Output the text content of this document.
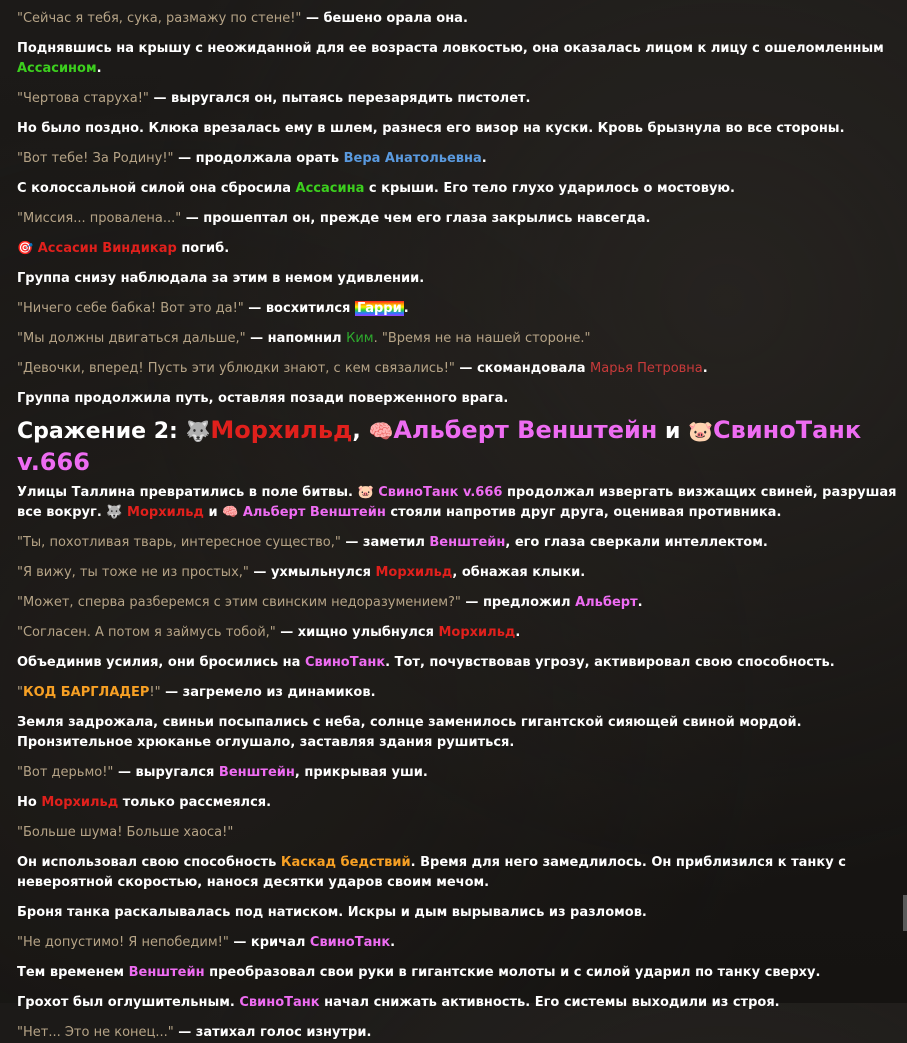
"Сейчас я тебя, сука, размажу по стене!" — бешено орала она.

Поднявшись на крышу с неожиданной для ее возраста ловкостью, она оказалась лицом к лицу с ошеломленным Ассасином.

"Чертова старуха!" — выругался он, пытаясь перезарядить пистолет.

Но было поздно. Клюка врезалась ему в шлем, разнеся его визор на куски. Кровь брызнула во все стороны.

"Вот тебе! За Родину!" — продолжала орать Вера Анатольевна.

С колоссальной силой она сбросила Ассасина с крыши. Его тело глухо ударилось о мостовую.

"Миссия... провалена..." — прошептал он, прежде чем его глаза закрылись навсегда.

🎯 Ассасин Виндикар погиб.

Группа снизу наблюдала за этим в немом удивлении.

"Ничего себе бабка! Вот это да!" — восхитился Гарри .

"Мы должны двигаться дальше," — напомнил Ким. "Время не на нашей стороне."

"Девочки, вперед! Пусть эти ублюдки знают, с кем связались!" — скомандовала Марья Петровна.

Группа продолжила путь, оставляя позади поверженного врага.

Сражение 2: 🐺Морхильд, 🧠Альберт Венштейн и 🐷СвиноТанк v.666

Улицы Таллина превратились в поле битвы. 🐷 СвиноТанк v.666 продолжал извергать визжащих свиней, разрушая все вокруг. 🐺 Морхильд и 🧠 Альберт Венштейн стояли напротив друг друга, оценивая противника.

"Ты, похотливая тварь, интересное существо," — заметил Венштейн, его глаза сверкали интеллектом.

"Я вижу, ты тоже не из простых," — ухмыльнулся Морхильд, обнажая клыки.

"Может, сперва разберемся с этим свинским недоразумением?" — предложил Альберт.

"Согласен. А потом я займусь тобой," — хищно улыбнулся Морхильд.

Объединив усилия, они бросились на СвиноТанк. Тот, почувствовав угрозу, активировал свою способность.

"КОД БАРГЛАДЕР!" — загремело из динамиков.

Земля задрожала, свиньи посыпались с неба, солнце заменилось гигантской сияющей свиной мордой. Пронзительное хрюканье оглушало, заставляя здания рушиться.

"Вот дерьмо!" — выругался Венштейн, прикрывая уши.

Но Морхильд только рассмеялся.

"Больше шума! Больше хаоса!"

Он использовал свою способность Каскад бедствий. Время для него замедлилось. Он приблизился к танку с невероятной скоростью, нанося десятки ударов своим мечом.

Броня танка раскалывалась под натиском. Искры и дым вырывались из разломов.

"Не допустимо! Я непобедим!" — кричал СвиноТанк.

Тем временем Венштейн преобразовал свои руки в гигантские молоты и с силой ударил по танку сверху.

Грохот был оглушительным. СвиноТанк начал снижать активность. Его системы выходили из строя.

"Нет... Это не конец..." — затихал голос изнутри.
